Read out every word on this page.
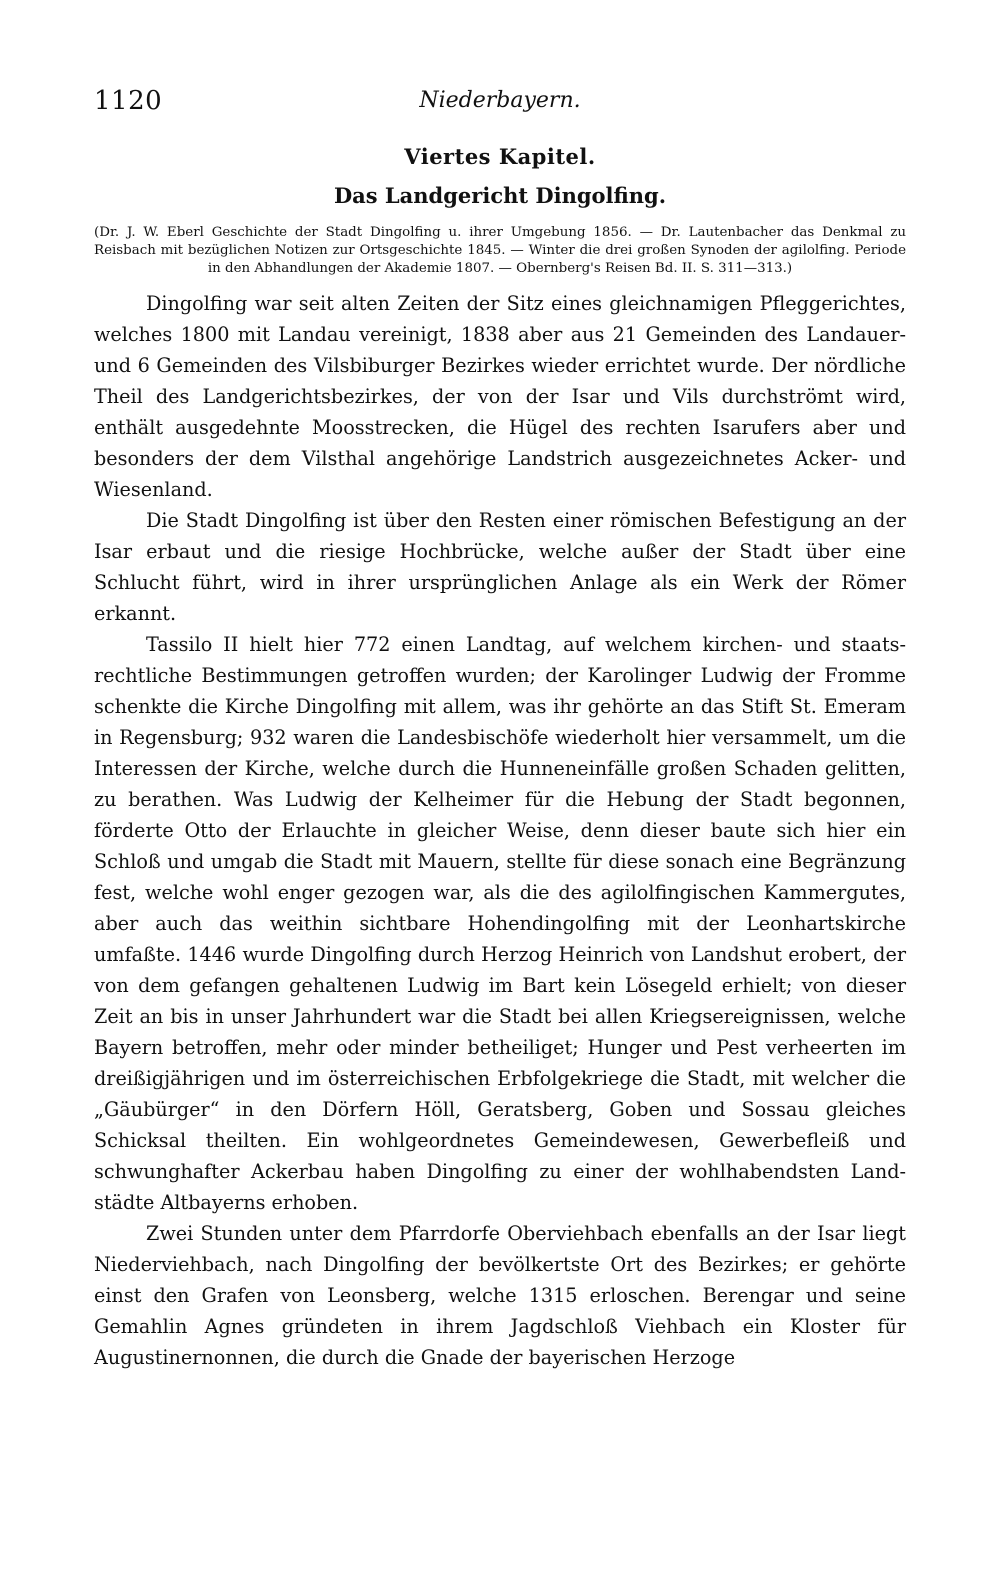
1120	Niederbayern.
Viertes Kapitel.
Das Landgericht Dingolfing.
(Dr. J. W. Eberl Geschichte der Stadt Dingolfing u. ihrer Umgebung 1856. — Dr. Lautenbacher das Denkmal zu Reisbach mit bezüglichen Notizen zur Ortsgeschichte 1845. — Winter die drei großen Synoden der agilolfing. Periode in den Abhandlungen der Akademie 1807. — Obernberg's Reisen Bd. II. S. 311—313.)

Dingolfing war seit alten Zeiten der Sitz eines gleichnamigen Pfleggerichtes, welches 1800 mit Landau vereinigt, 1838 aber aus 21 Gemeinden des Landauer- und 6 Gemeinden des Vilsbiburger Bezirkes wieder errichtet wurde. Der nördliche Theil des Landgerichtsbezirkes, der von der Isar und Vils durchströmt wird, enthält ausgedehnte Moosstrecken, die Hügel des rechten Isarufers aber und besonders der dem Vilsthal angehörige Landstrich ausgezeichnetes Acker- und Wiesenland.

Die Stadt Dingolfing ist über den Resten einer römischen Befestigung an der Isar erbaut und die riesige Hochbrücke, welche außer der Stadt über eine Schlucht führt, wird in ihrer ursprünglichen Anlage als ein Werk der Römer erkannt.

Tassilo II hielt hier 772 einen Landtag, auf welchem kirchen- und staatsrechtliche Bestimmungen getroffen wurden; der Karolinger Ludwig der Fromme schenkte die Kirche Dingolfing mit allem, was ihr gehörte an das Stift St. Emeram in Regensburg; 932 waren die Landesbischöfe wiederholt hier versammelt, um die Interessen der Kirche, welche durch die Hunneneinfälle großen Schaden gelitten, zu berathen. Was Ludwig der Kelheimer für die Hebung der Stadt begonnen, förderte Otto der Erlauchte in gleicher Weise, denn dieser baute sich hier ein Schloß und umgab die Stadt mit Mauern, stellte für diese sonach eine Begränzung fest, welche wohl enger gezogen war, als die des agilolfingischen Kammergutes, aber auch das weithin sichtbare Hohendingolfing mit der Leonhartskirche umfaßte. 1446 wurde Dingolfing durch Herzog Heinrich von Landshut erobert, der von dem gefangen gehaltenen Ludwig im Bart kein Lösegeld erhielt; von dieser Zeit an bis in unser Jahrhundert war die Stadt bei allen Kriegsereignissen, welche Bayern betroffen, mehr oder minder betheiliget; Hunger und Pest verheerten im dreißigjährigen und im österreichischen Erbfolgekriege die Stadt, mit welcher die „Gäubürger“ in den Dörfern Höll, Geratsberg, Goben und Sossau gleiches Schicksal theilten. Ein wohlgeordnetes Gemeindewesen, Gewerbefleiß und schwunghafter Ackerbau haben Dingolfing zu einer der wohlhabendsten Landstädte Altbayerns erhoben.

Zwei Stunden unter dem Pfarrdorfe Oberviehbach ebenfalls an der Isar liegt Niederviehbach, nach Dingolfing der bevölkertste Ort des Bezirkes; er gehörte einst den Grafen von Leonsberg, welche 1315 erloschen. Berengar und seine Gemahlin Agnes gründeten in ihrem Jagdschloß Viehbach ein Kloster für Augustinernonnen, die durch die Gnade der bayerischen Herzoge
